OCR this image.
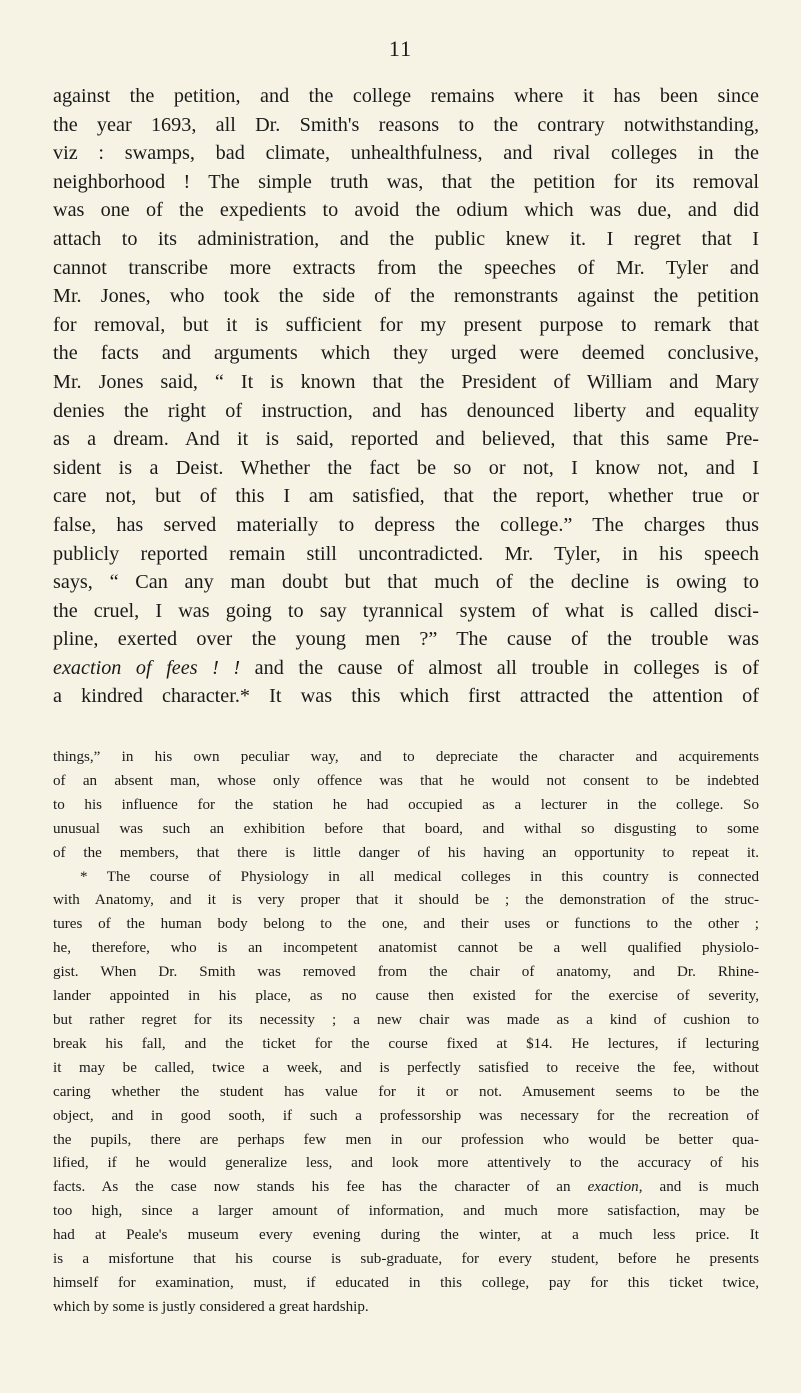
11
against the petition, and the college remains where it has been since
the year 1693, all Dr. Smith's reasons to the contrary notwithstanding,
viz : swamps, bad climate, unhealthfulness, and rival colleges in the
neighborhood ! The simple truth was, that the petition for its removal
was one of the expedients to avoid the odium which was due, and did
attach to its administration, and the public knew it. I regret that I
cannot transcribe more extracts from the speeches of Mr. Tyler and
Mr. Jones, who took the side of the remonstrants against the petition
for removal, but it is sufficient for my present purpose to remark that
the facts and arguments which they urged were deemed conclusive,
Mr. Jones said, “ It is known that the President of William and Mary
denies the right of instruction, and has denounced liberty and equality
as a dream. And it is said, reported and believed, that this same Pre-
sident is a Deist. Whether the fact be so or not, I know not, and I
care not, but of this I am satisfied, that the report, whether true or
false, has served materially to depress the college.” The charges thus
publicly reported remain still uncontradicted. Mr. Tyler, in his speech
says, “ Can any man doubt but that much of the decline is owing to
the cruel, I was going to say tyrannical system of what is called disci-
pline, exerted over the young men ?” The cause of the trouble was
exaction of fees ! ! and the cause of almost all trouble in colleges is of
a kindred character.* It was this which first attracted the attention of
things,” in his own peculiar way, and to depreciate the character and acquirements
of an absent man, whose only offence was that he would not consent to be indebted
to his influence for the station he had occupied as a lecturer in the college. So
unusual was such an exhibition before that board, and withal so disgusting to some
of the members, that there is little danger of his having an opportunity to repeat it.
* The course of Physiology in all medical colleges in this country is connected
with Anatomy, and it is very proper that it should be ; the demonstration of the struc-
tures of the human body belong to the one, and their uses or functions to the other ;
he, therefore, who is an incompetent anatomist cannot be a well qualified physiolo-
gist. When Dr. Smith was removed from the chair of anatomy, and Dr. Rhine-
lander appointed in his place, as no cause then existed for the exercise of severity,
but rather regret for its necessity ; a new chair was made as a kind of cushion to
break his fall, and the ticket for the course fixed at $14. He lectures, if lecturing
it may be called, twice a week, and is perfectly satisfied to receive the fee, without
caring whether the student has value for it or not. Amusement seems to be the
object, and in good sooth, if such a professorship was necessary for the recreation of
the pupils, there are perhaps few men in our profession who would be better qua-
lified, if he would generalize less, and look more attentively to the accuracy of his
facts. As the case now stands his fee has the character of an exaction, and is much
too high, since a larger amount of information, and much more satisfaction, may be
had at Peale's museum every evening during the winter, at a much less price. It
is a misfortune that his course is sub-graduate, for every student, before he presents
himself for examination, must, if educated in this college, pay for this ticket twice,
which by some is justly considered a great hardship.
